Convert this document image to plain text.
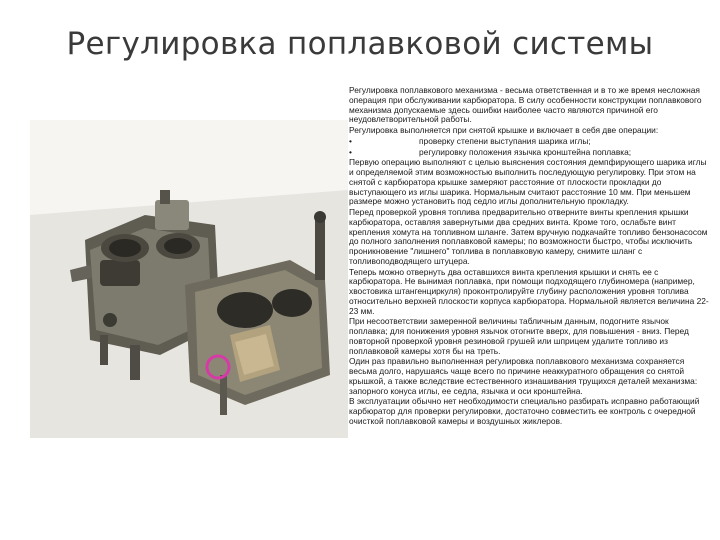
Регулировка поплавковой системы

Регулировка поплавкового механизма - весьма ответственная и в то же время несложная операция при обслуживании карбюратора. В силу особенности конструкции поплавкового механизма допускаемые здесь ошибки наиболее часто являются причиной его неудовлетворительной работы.

Регулировка выполняется при снятой крышке и включает в себя две операции:

•	проверку степени выступания шарика иглы;
•	регулировку положения язычка кронштейна поплавка;

Первую операцию выполняют с целью выяснения состояния демпфирующего шарика иглы и определяемой этим возможностью выполнить последующую регулировку. При этом на снятой с карбюратора крышке замеряют расстояние от плоскости прокладки до выступающего из иглы шарика. Нормальным считают расстояние 10 мм. При меньшем размере можно установить под седло иглы дополнительную прокладку.

Перед проверкой уровня топлива предварительно отверните винты крепления крышки карбюратора, оставляя завернутыми два средних винта. Кроме того, ослабьте винт крепления хомута на топливном шланге. Затем вручную подкачайте топливо бензонасосом до полного заполнения поплавковой камеры; по возможности быстро, чтобы исключить проникновение "лишнего" топлива в поплавковую камеру, снимите шланг с топливоподводящего штуцера.

Теперь можно отвернуть два оставшихся винта крепления крышки и снять ее с карбюратора. Не вынимая поплавка, при помощи подходящего глубиномера (например, хвостовика штангенциркуля) проконтролируйте глубину расположения уровня топлива относительно верхней плоскости корпуса карбюратора. Нормальной является величина 22-23 мм.

При несоответствии замеренной величины табличным данным, подогните язычок поплавка; для понижения уровня язычок отогните вверх, для повышения - вниз. Перед повторной проверкой уровня резиновой грушей или шприцем удалите топливо из поплавковой камеры хотя бы на треть.

Один раз правильно выполненная регулировка поплавкового механизма сохраняется весьма долго, нарушаясь чаще всего по причине неаккуратного обращения со снятой крышкой, а также вследствие естественного изнашивания трущихся деталей механизма: запорного конуса иглы, ее седла, язычка и оси кронштейна.

В эксплуатации обычно нет необходимости специально разбирать исправно работающий карбюратор для проверки регулировки, достаточно совместить ее контроль с очередной очисткой поплавковой камеры и воздушных жиклеров.
